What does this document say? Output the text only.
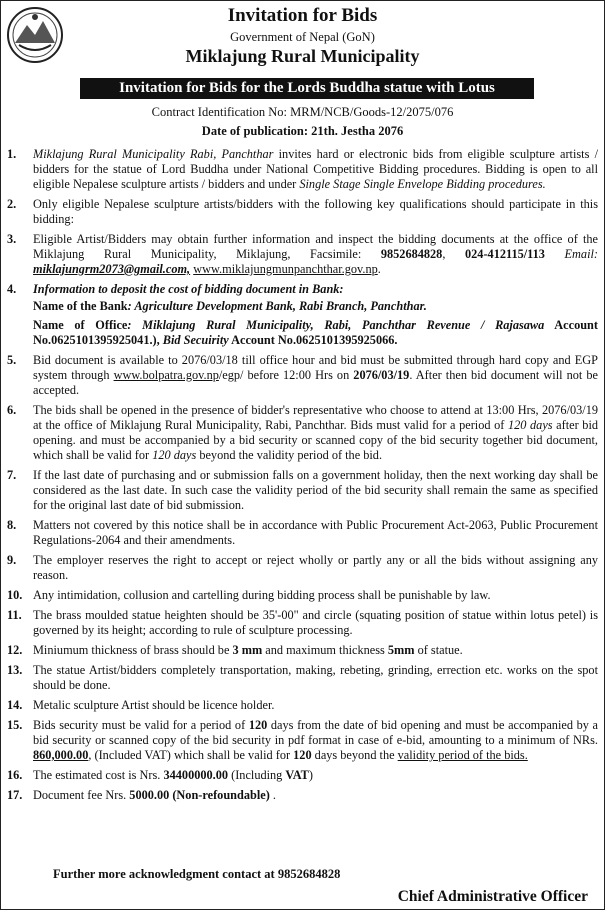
Invitation for Bids
Government of Nepal (GoN)
Miklajung Rural Municipality
Invitation for Bids for the Lords Buddha statue with Lotus
Contract Identification No: MRM/NCB/Goods-12/2075/076
Date of publication: 21th. Jestha 2076
1. Miklajung Rural Municipality Rabi, Panchthar invites hard or electronic bids from eligible sculpture artists / bidders for the statue of Lord Buddha under National Competitive Bidding procedures. Bidding is open to all eligible Nepalese sculpture artists / bidders and under Single Stage Single Envelope Bidding procedures.
2. Only eligible Nepalese sculpture artists/bidders with the following key qualifications should participate in this bidding:
3. Eligible Artist/Bidders may obtain further information and inspect the bidding documents at the office of the Miklajung Rural Municipality, Miklajung, Facsimile: 9852684828, 024-412115/113 Email: miklajungrm2073@gmail.com, www.miklajungmunpanchthar.gov.np.
4. Information to deposit the cost of bidding document in Bank:
Name of the Bank: Agriculture Development Bank, Rabi Branch, Panchthar.
Name of Office: Miklajung Rural Municipality, Rabi, Panchthar Revenue / Rajasawa Account No.0625101395925041.), Bid Secuirity Account No.0625101395925066.
5. Bid document is available to 2076/03/18 till office hour and bid must be submitted through hard copy and EGP system through www.bolpatra.gov.np/egp/ before 12:00 Hrs on 2076/03/19. After then bid document will not be accepted.
6. The bids shall be opened in the presence of bidder's representative who choose to attend at 13:00 Hrs, 2076/03/19 at the office of Miklajung Rural Municipality, Rabi, Panchthar. Bids must valid for a period of 120 days after bid opening. and must be accompanied by a bid security or scanned copy of the bid security together bid document, which shall be valid for 120 days beyond the validity period of the bid.
7. If the last date of purchasing and or submission falls on a government holiday, then the next working day shall be considered as the last date. In such case the validity period of the bid security shall remain the same as specified for the original last date of bid submission.
8. Matters not covered by this notice shall be in accordance with Public Procurement Act-2063, Public Procurement Regulations-2064 and their amendments.
9. The employer reserves the right to accept or reject wholly or partly any or all the bids without assigning any reason.
10. Any intimidation, collusion and cartelling during bidding process shall be punishable by law.
11. The brass moulded statue heighten should be 35'-00" and circle (squating position of statue within lotus petel) is governed by its height; according to rule of sculpture processing.
12. Miniumum thickness of brass should be 3 mm and maximum thickness 5mm of statue.
13. The statue Artist/bidders completely transportation, making, rebeting, grinding, errection etc. works on the spot should be done.
14. Metalic sculpture Artist should be licence holder.
15. Bids security must be valid for a period of 120 days from the date of bid opening and must be accompanied by a bid security or scanned copy of the bid security in pdf format in case of e-bid, amounting to a minimum of NRs. 860,000.00, (Included VAT) which shall be valid for 120 days beyond the validity period of the bids.
16. The estimated cost is Nrs. 34400000.00 (Including VAT)
17. Document fee Nrs. 5000.00 (Non-refoundable) .
Further more acknowledgment contact at 9852684828
Chief Administrative Officer
